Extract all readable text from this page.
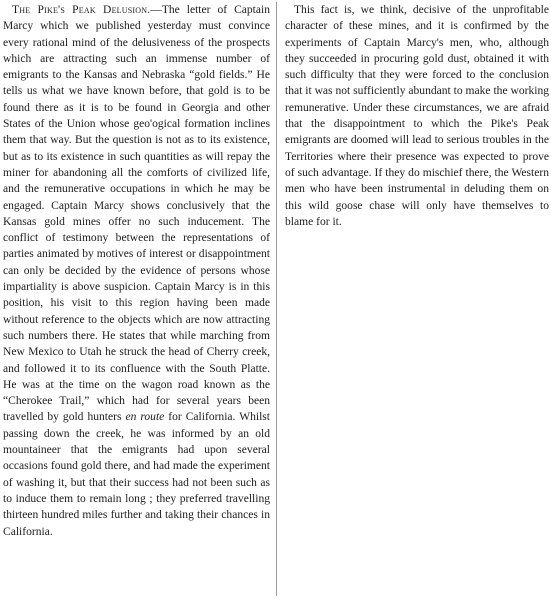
The Pike's Peak Delusion.—The letter of Captain Marcy which we published yesterday must convince every rational mind of the delusiveness of the prospects which are attracting such an immense number of emigrants to the Kansas and Nebraska “gold fields.” He tells us what we have known before, that gold is to be found there as it is to be found in Georgia and other States of the Union whose geo'ogical formation inclines them that way. But the question is not as to its existence, but as to its existence in such quantities as will repay the miner for abandoning all the comforts of civilized life, and the remunerative occupations in which he may be engaged. Captain Marcy shows conclusively that the Kansas gold mines offer no such inducement. The conflict of testimony between the representations of parties animated by motives of interest or disappointment can only be decided by the evidence of persons whose impartiality is above suspicion. Captain Marcy is in this position, his visit to this region having been made without reference to the objects which are now attracting such numbers there. He states that while marching from New Mexico to Utah he struck the head of Cherry creek, and followed it to its confluence with the South Platte. He was at the time on the wagon road known as the “Cherokee Trail,” which had for several years been travelled by gold hunters en route for California. Whilst passing down the creek, he was informed by an old mountaineer that the emigrants had upon several occasions found gold there, and had made the experiment of washing it, but that their success had not been such as to induce them to remain long ; they preferred travelling thirteen hundred miles further and taking their chances in California.

This fact is, we think, decisive of the unprofitable character of these mines, and it is confirmed by the experiments of Captain Marcy's men, who, although they succeeded in procuring gold dust, obtained it with such difficulty that they were forced to the conclusion that it was not sufficiently abundant to make the working remunerative. Under these circumstances, we are afraid that the disappointment to which the Pike's Peak emigrants are doomed will lead to serious troubles in the Territories where their presence was expected to prove of such advantage. If they do mischief there, the Western men who have been instrumental in deluding them on this wild goose chase will only have themselves to blame for it.
